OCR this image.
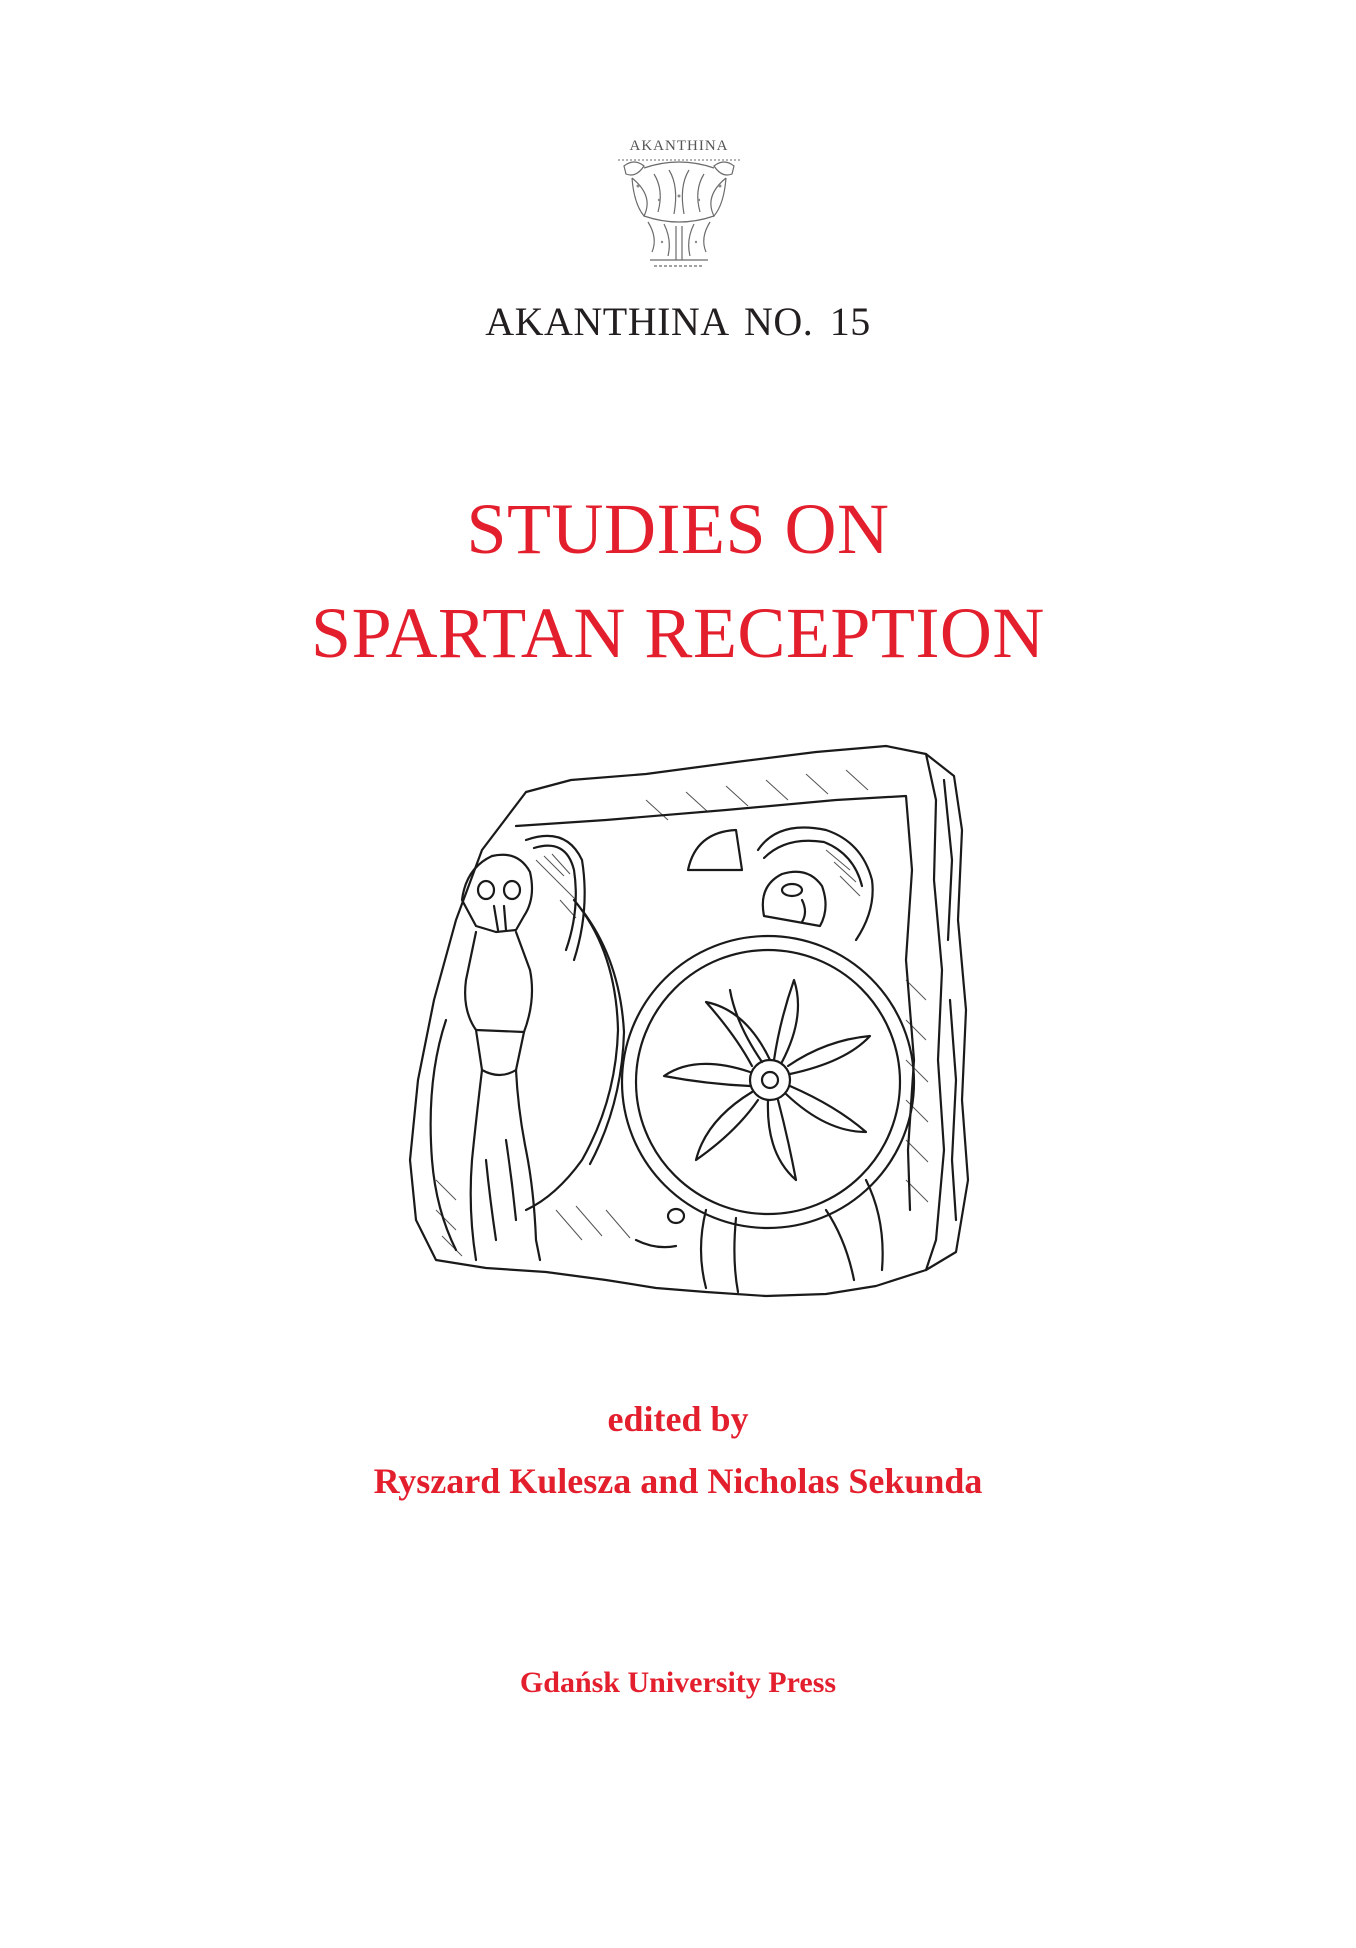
AKANTHINA
AKANTHINA NO. 15
STUDIES ON
SPARTAN RECEPTION
edited by
Ryszard Kulesza and Nicholas Sekunda
Gdańsk University Press
